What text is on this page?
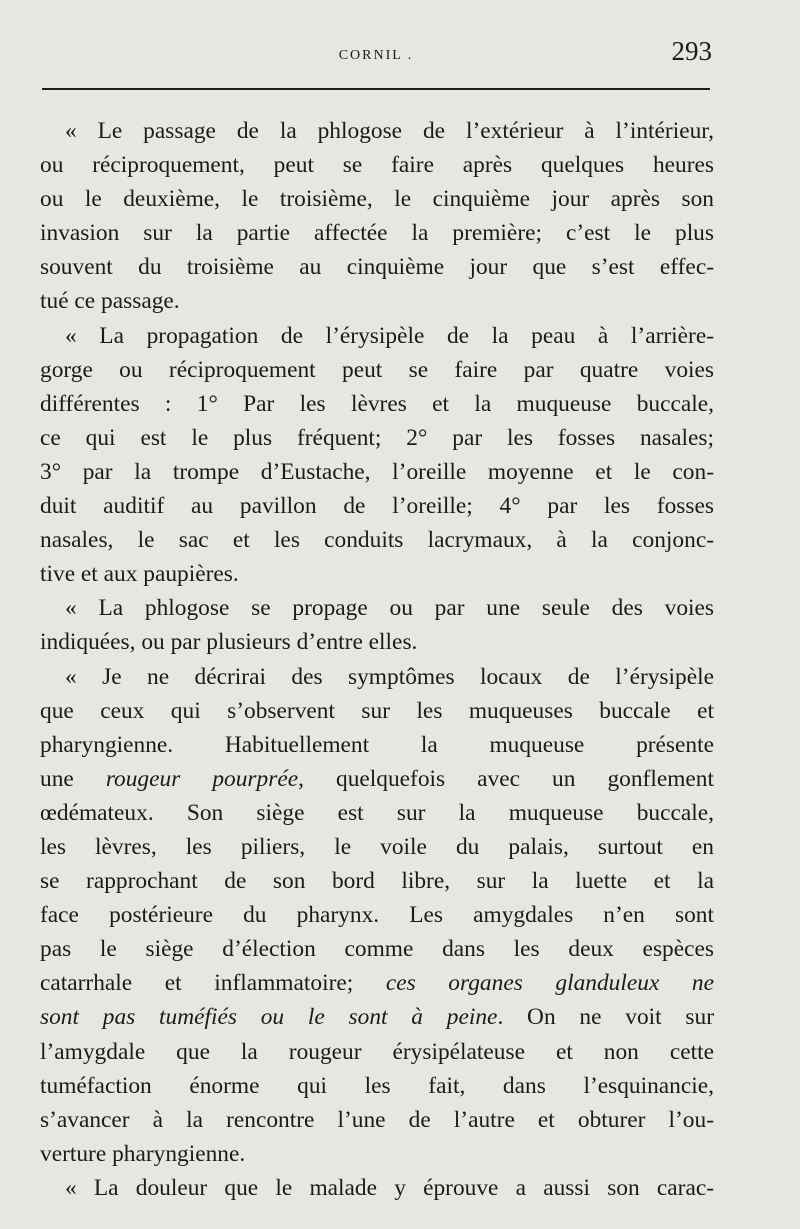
CORNIL .	293
« Le passage de la phlogose de l’extérieur à l’intérieur,
ou réciproquement, peut se faire après quelques heures
ou le deuxième, le troisième, le cinquième jour après son
invasion sur la partie affectée la première; c’est le plus
souvent du troisième au cinquième jour que s’est effec-
tué ce passage.
« La propagation de l’érysipèle de la peau à l’arrière-
gorge ou réciproquement peut se faire par quatre voies
différentes : 1° Par les lèvres et la muqueuse buccale,
ce qui est le plus fréquent; 2° par les fosses nasales;
3° par la trompe d’Eustache, l’oreille moyenne et le con-
duit auditif au pavillon de l’oreille; 4° par les fosses
nasales, le sac et les conduits lacrymaux, à la conjonc-
tive et aux paupières.
« La phlogose se propage ou par une seule des voies
indiquées, ou par plusieurs d’entre elles.
« Je ne décrirai des symptômes locaux de l’érysipèle
que ceux qui s’observent sur les muqueuses buccale et
pharyngienne. Habituellement la muqueuse présente
une rougeur pourprée, quelquefois avec un gonflement
œdémateux. Son siège est sur la muqueuse buccale,
les lèvres, les piliers, le voile du palais, surtout en
se rapprochant de son bord libre, sur la luette et la
face postérieure du pharynx. Les amygdales n’en sont
pas le siège d’élection comme dans les deux espèces
catarrhale et inflammatoire; ces organes glanduleux ne
sont pas tuméfiés ou le sont à peine. On ne voit sur
l’amygdale que la rougeur érysipélateuse et non cette
tuméfaction énorme qui les fait, dans l’esquinancie,
s’avancer à la rencontre l’une de l’autre et obturer l’ou-
verture pharyngienne.
« La douleur que le malade y éprouve a aussi son carac-
